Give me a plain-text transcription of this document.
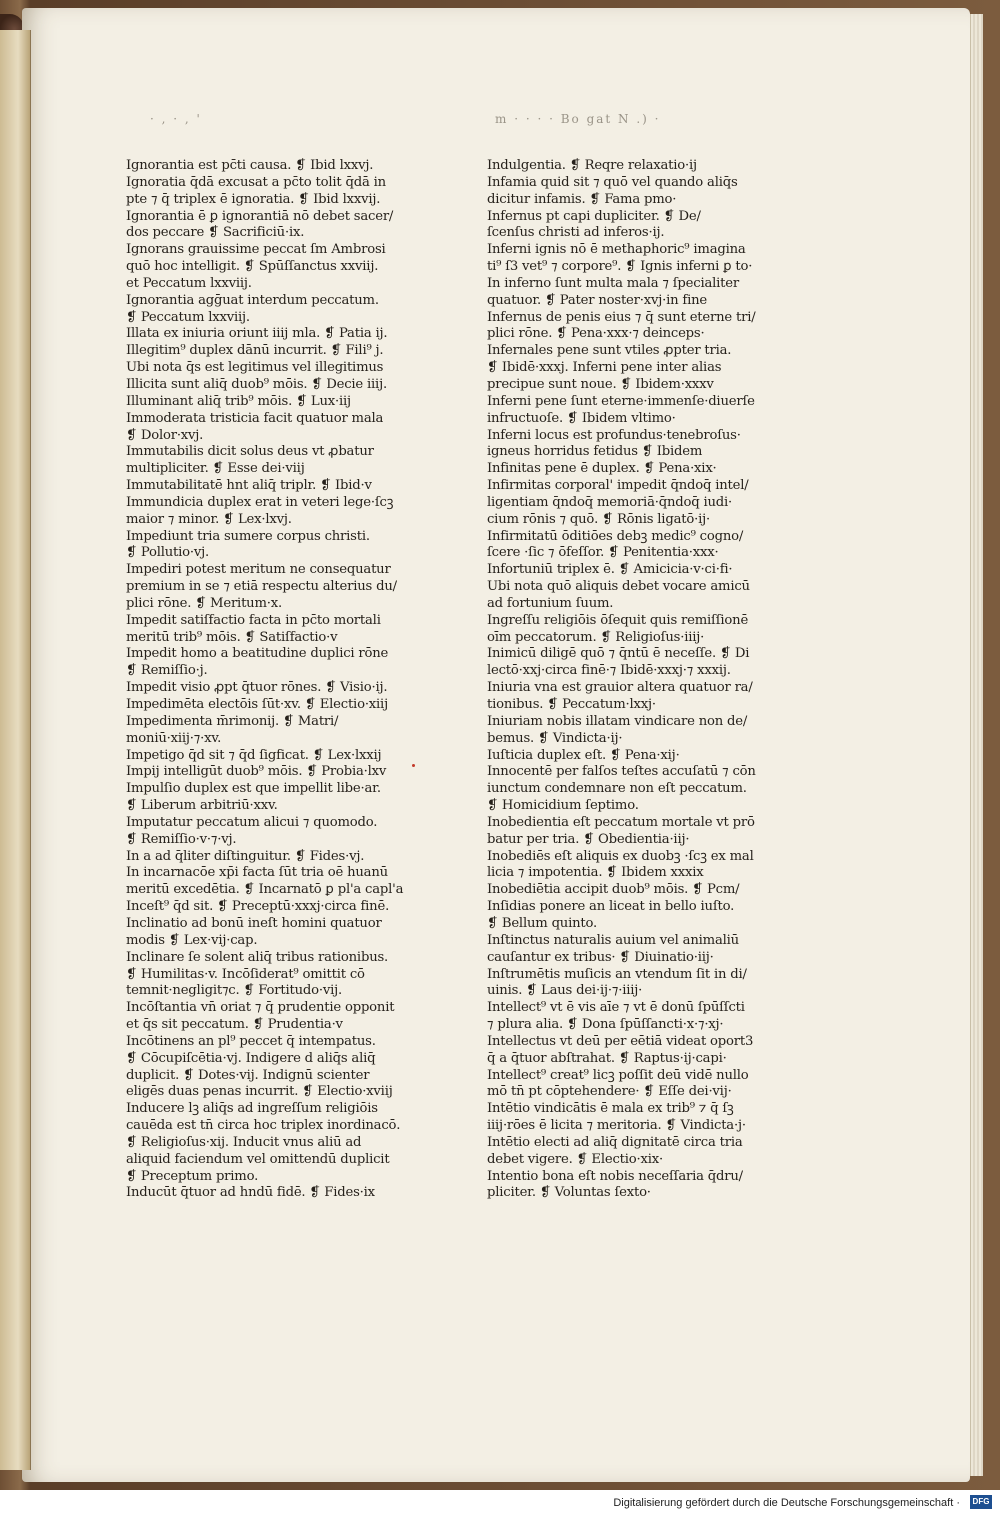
· , · , '	m · · · · Bo gat N .) ·
Ignorantia est pc̄ti causa. ❡ Ibid̄ lxxvj.
Ignoratia q̄dā excusat a pc̄to tolit q̄dā in
pte ⁊ q̄ triplex ē ignoratia. ❡ Ibid̄ lxxvij.
Ignorantia ē ꝑ ignorantiā nō debet sacer/
dos peccare ❡ Sacrificiū·ix.
Ignorans grauissime peccat ſm Ambrosi
quō hoc intelligit. ❡ Spūſſanctus xxviij.
et Peccatum lxxviij.
Ignorantia agḡuat interdum peccatum.
❡ Peccatum lxxviij.
Illata ex iniuria oriunt iiij mla. ❡ Patia ij.
Illegitim⁹ duplex dānū incurrit. ❡ Fili⁹ j.
Ubi nota q̄s est legitimus vel illegitimus
Illicita sunt aliq̄ duob⁹ mōis. ❡ Decie iiij.
Illuminant aliq̄ trib⁹ mōis. ❡ Lux·iij
Immoderata tristicia facit quatuor mala
❡ Dolor·xvj.
Immutabilis dicit̄ solus deus vt ꝓbatur
multipliciter. ❡ Esse dei·viij
Immutabilitatē h̄nt aliq̄ tripl̄r. ❡ Ibid̄·v
Immundicia duplex erat in veteri lege·ſcꝫ
maior ⁊ minor. ❡ Lex·lxvj.
Impediunt tria sumere corpus christi.
❡ Pollutio·vj.
Impediri potest meritum ne consequatur
premium in se ⁊ etiā respectu alterius du/
plici rōne. ❡ Meritum·x.
Impedit satiſfactio facta in pc̄to mortali
meritū trib⁹ mōis. ❡ Satiſfactio·v
Impedit̄ homo a beatitudine duplici rōne
❡ Remiſſio·j.
Impedit visio ꝓpt̄ q̄tuor rōnes. ❡ Visio·ij.
Impedimēta electōis ſūt·xv. ❡ Electio·xiij
Impedimenta m̄rimonij. ❡ Matri/
moniū·xiij·⁊·xv.
Impetigo q̄d sit ⁊ q̄d ſigficat. ❡ Lex·lxxij
Impij intelligūt duob⁹ mōis. ❡ Probia·lxv
Impulſio duplex est que impellit libe·ar.
❡ Liberum arbitriū·xxv.
Imputatur peccatum alicui ⁊ quomodo.
❡ Remiſſio·v·⁊·vj.
In a ad q̄liter diſtinguitur. ❡ Fides·vj.
In incarnacōe xp̄i facta ſūt tria oē h̄uanū
meritū excedētia. ❡ Incarnatō ꝑ pl'a capl'a
Inceſt⁹ q̄d sit. ❡ Preceptū·xxxj·circa finē.
Inclinatio ad bonū ineſt homini quatuor
modis ❡ Lex·vij·cap.
Inclinare ſe solent aliq̄ tribus rationibus.
❡ Humilitas·v. Incōſiderat⁹ omittit cō
temnit·negligit⁊c. ❡ Fortitudo·vij.
Incōſtantia vn̄ oriat̄ ⁊ q̄ prudentie opponit
et q̄s sit peccatum. ❡ Prudentia·v
Incōtinens an pl⁹ peccet q̄ intempatus.
❡ Cōcupiſcētia·vj. Indigere d̄ aliq̄s aliq̄
duplicit̄. ❡ Dotes·vij. Indignū scienter
eligēs duas penas incurrit. ❡ Electio·xviij
Inducere lꝫ aliq̄s ad ingreſſum religiōis
cauēda est tn̄ circa hoc triplex inordinacō.
❡ Religioſus·xij. Inducit vnus aliū ad
aliquid faciendum vel omittendū duplicit̄
❡ Preceptum primo.
Inducūt q̄tuor ad h̄ndū fidē. ❡ Fides·ix
Indulgentia. ❡ Reqre relaxatio·ij
Infamia quid sit ⁊ quō vel quando aliq̄s
dicitur infamis. ❡ Fama pmo·
Infernus pt̄ capi dupliciter. ❡ De/
ſcenſus christi ad inferos·ij.
Inferni ignis nō ē methaphoric⁹ imagina
ti⁹ ſ3 vet⁹ ⁊ corpore⁹. ❡ Ignis inferni ꝑ to·
In inferno ſunt multa mala ⁊ ſpecialiter
quatuor. ❡ Pater noster·xvj·in fine
Infernus de penis eius ⁊ q̄ sunt eterne tri/
plici rōne. ❡ Pena·xxx·⁊ deinceps·
Infernales pene sunt vtiles ꝓpter tria.
❡ Ibidē·xxxj. Inferni pene inter alias
precipue sunt noue. ❡ Ibidem·xxxv
Inferni pene ſunt eterne·immenſe·diuerſe
infructuoſe. ❡ Ibidem vltimo·
Inferni locus est profundus·tenebroſus·
igneus horridus fetidus ❡ Ibidem
Infinitas pene ē duplex. ❡ Pena·xix·
Infirmitas corporal' impedit q̄ndoq̄ intel/
ligentiam q̄ndoq̄ memoriā·q̄ndoq̄ iudi·
cium rōnis ⁊ quō. ❡ Rōnis ligatō·ij·
Infirmitatū ōditiōes debꝫ medic⁹ cogno/
ſcere ·ſic ⁊ ōfeſſor. ❡ Penitentia·xxx·
Infortuniū triplex ē. ❡ Amicicia·v·ci·fi·
Ubi nota quō aliquis debet vocare amicū
ad fortunium ſuum.
Ingreſſu religiōis ōſequit̄ quis remiſſionē
oīm peccatorum. ❡ Religioſus·iiij·
Inimicū diligē quō ⁊ q̄ntū ē neceſſe. ❡ Di
lectō·xxj·circa finē·⁊ Ibidē·xxxj·⁊ xxxij.
Iniuria vna est grauior altera quatuor ra/
tionibus. ❡ Peccatum·lxxj·
Iniuriam nobis illatam vindicare non de/
bemus. ❡ Vindicta·ij·
Iuſticia duplex eſt. ❡ Pena·xij·
Innocentē per falſos teſtes accuſatū ⁊ cōn
iunctum condemnare non eſt peccatum.
❡ Homicidium ſeptimo.
Inobedientia eſt peccatum mortale vt prō
batur per tria. ❡ Obedientia·iij·
Inobediēs eſt aliquis ex duobꝫ ·ſcꝫ ex mal
licia ⁊ impotentia. ❡ Ibidem xxxix
Inobediētia accipit̄ duob⁹ mōis. ❡ Pcm/
Inſidias ponere an liceat in bello iuſto.
❡ Bellum quinto.
Inſtinctus naturalis auium vel animaliū
cauſantur ex tribus· ❡ Diuinatio·iij·
Inſtrumētis muſicis an vtendum ſit in di/
uinis. ❡ Laus dei·ij·⁊·iiij·
Intellect⁹ vt ē vis aīe ⁊ vt ē donū ſpūſſcti
⁊ plura alia. ❡ Dona ſpūſſancti·x·⁊·xj·
Intellectus vt deū per eētiā videat oport3
q̄ a q̄tuor abſtrahat. ❡ Raptus·ij·capi·
Intellect⁹ creat⁹ licꝫ poſſit deū vidē nullo
mō tn̄ pt̄ cōptehendere· ❡ Eſſe dei·vij·
Intētio vindicātis ē mala ex trib⁹ ⁊ q̄ ſꝫ
iiij·rōes ē licita ⁊ meritoria. ❡ Vindicta·j·
Intētio electi ad aliq̄ dignitatē circa tria
debet vigere. ❡ Electio·xix·
Intentio bona eſt nobis neceſſaria q̄dru/
pliciter. ❡ Voluntas ſexto·
Digitalisierung gefördert durch die Deutsche Forschungsgemeinschaft ·	DFG
